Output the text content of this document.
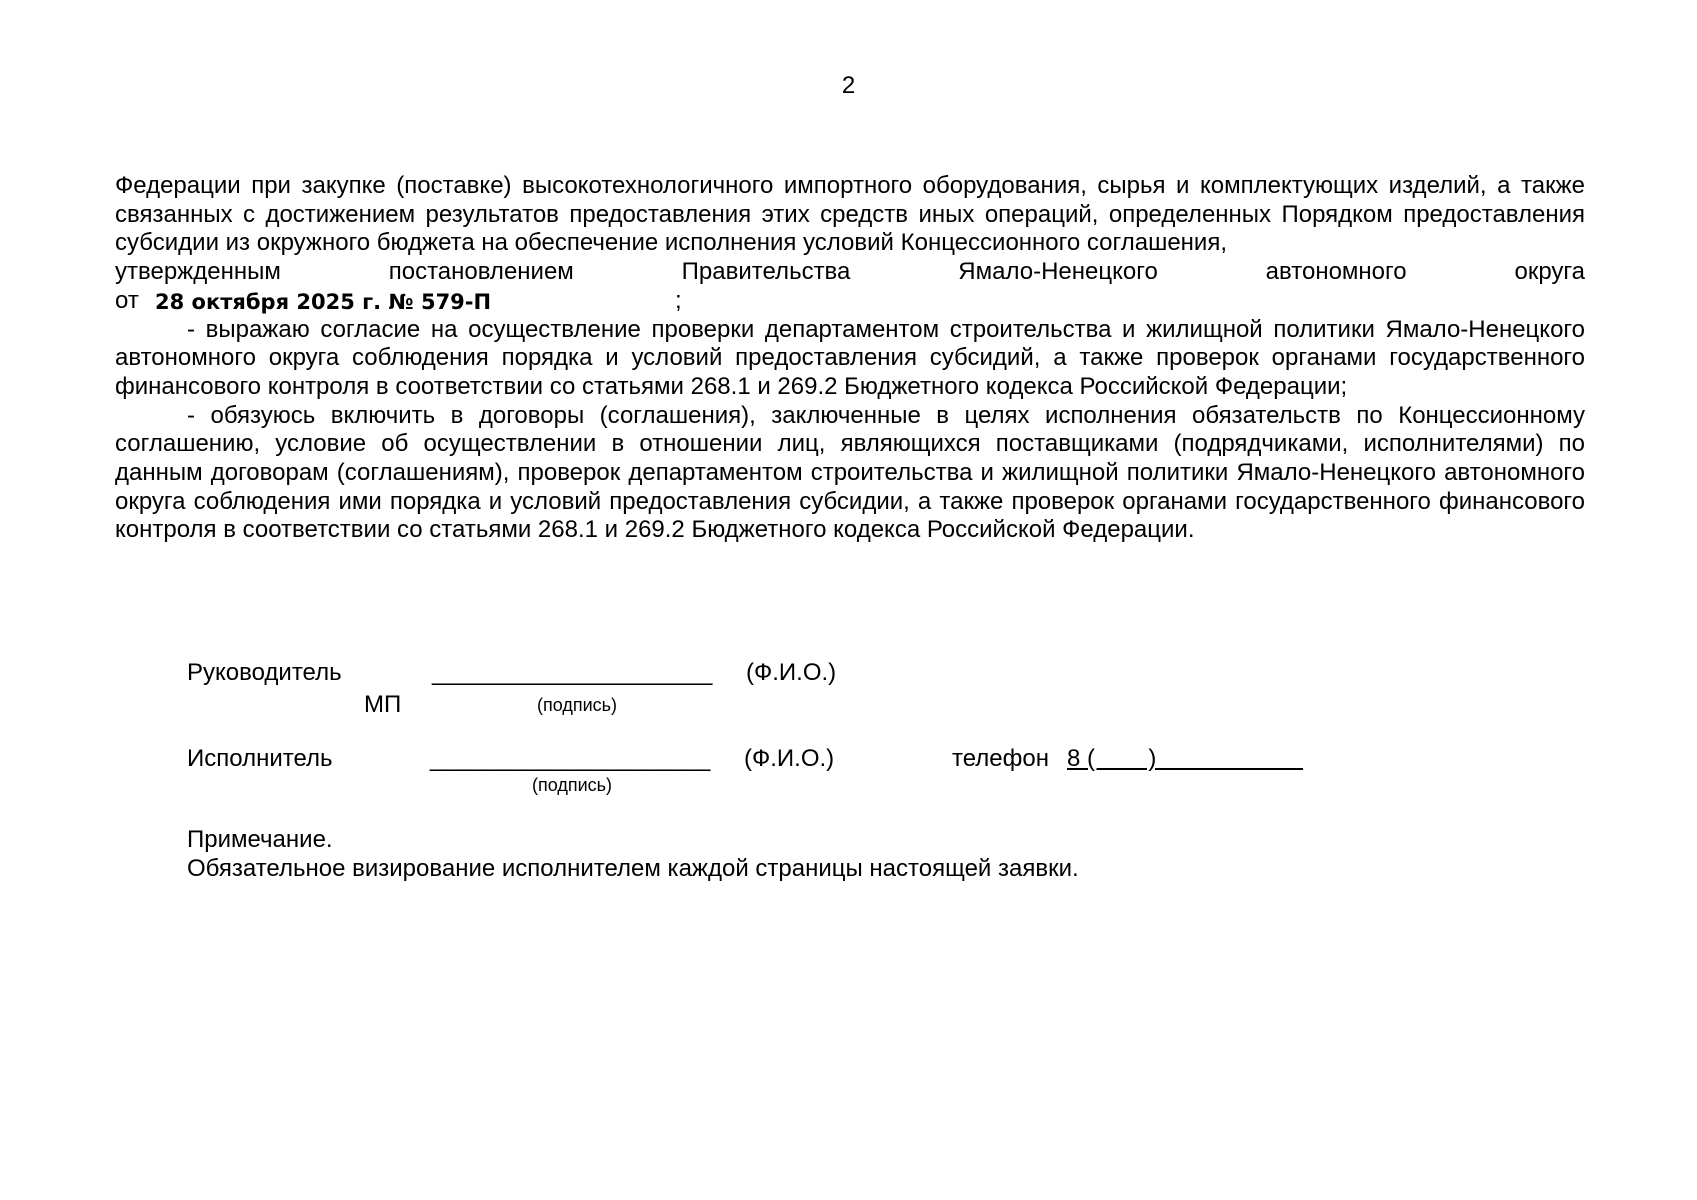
2

Федерации при закупке (поставке) высокотехнологичного импортного оборудования, сырья и комплектующих изделий, а также связанных с достижением результатов предоставления этих средств иных операций, определенных Порядком предоставления субсидии из окружного бюджета на обеспечение исполнения условий Концессионного соглашения,

утвержденным постановлением Правительства Ямало-Ненецкого автономного округа

от 28 октября 2025 г. № 579-П	;

- выражаю согласие на осуществление проверки департаментом строительства и жилищной политики Ямало-Ненецкого автономного округа соблюдения порядка и условий предоставления субсидий, а также проверок органами государственного финансового контроля в соответствии со статьями 268.1 и 269.2 Бюджетного кодекса Российской Федерации;

- обязуюсь включить в договоры (соглашения), заключенные в целях исполнения обязательств по Концессионному соглашению, условие об осуществлении в отношении лиц, являющихся поставщиками (подрядчиками, исполнителями) по данным договорам (соглашениям), проверок департаментом строительства и жилищной политики Ямало-Ненецкого автономного округа соблюдения ими порядка и условий предоставления субсидии, а также проверок органами государственного финансового контроля в соответствии со статьями 268.1 и 269.2 Бюджетного кодекса Российской Федерации.

Руководитель	_____________________ (Ф.И.О.)
МП	(подпись)
Исполнитель	_____________________ (Ф.И.О.)
(подпись)
телефон 8 (        )
Примечание.
Обязательное визирование исполнителем каждой страницы настоящей заявки.
